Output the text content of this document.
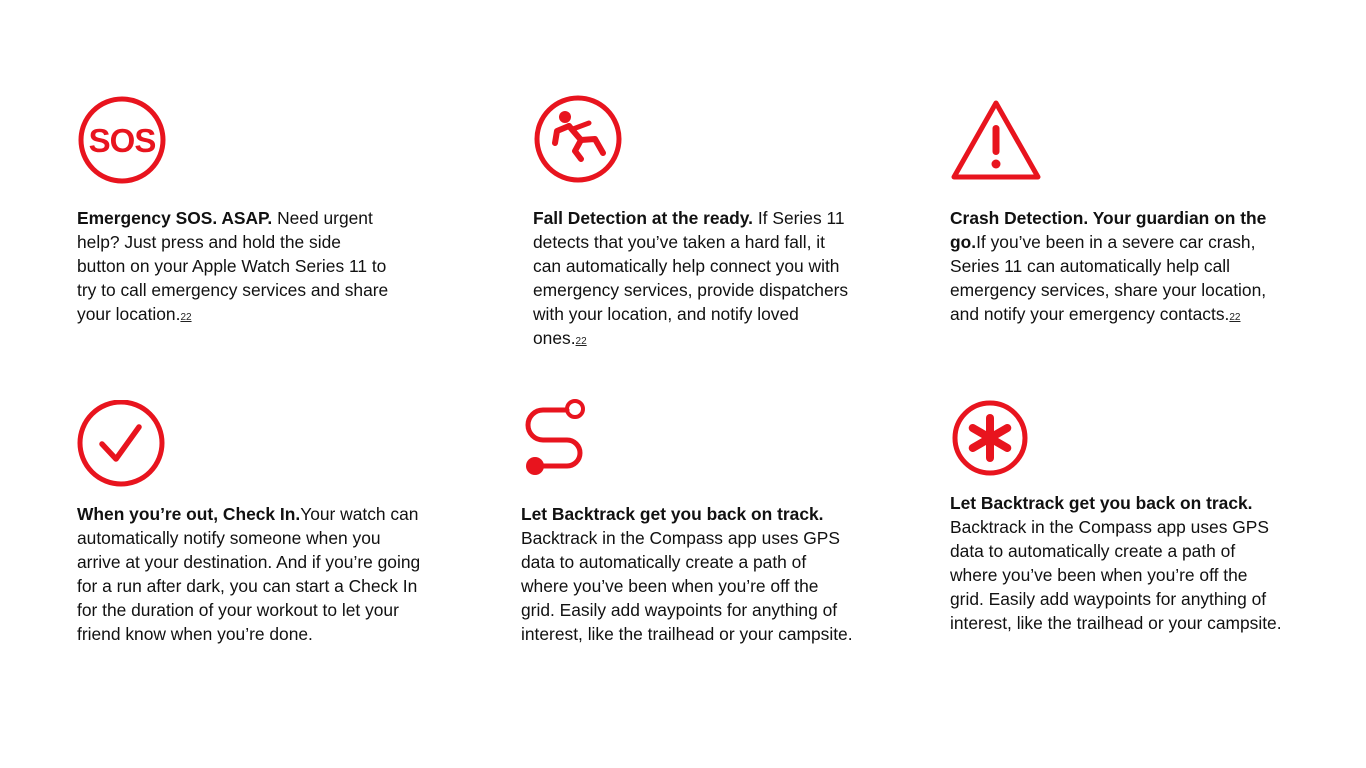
SOS

Emergency SOS. ASAP. Need urgent help? Just press and hold the side button on your Apple Watch Series 11 to try to call emergency services and share your location.22

Fall Detection at the ready. If Series 11 detects that you’ve taken a hard fall, it can automatically help connect you with emergency services, provide dispatchers with your location, and notify loved ones.22

Crash Detection. Your guardian on the go.If you’ve been in a severe car crash, Series 11 can automatically help call emergency services, share your location, and notify your emergency contacts.22

When you’re out, Check In.Your watch can automatically notify someone when you arrive at your destination. And if you’re going for a run after dark, you can start a Check In for the duration of your workout to let your friend know when you’re done.

Let Backtrack get you back on track. Backtrack in the Compass app uses GPS data to automatically create a path of where you’ve been when you’re off the grid. Easily add waypoints for anything of interest, like the trailhead or your campsite.

Let Backtrack get you back on track. Backtrack in the Compass app uses GPS data to automatically create a path of where you’ve been when you’re off the grid. Easily add waypoints for anything of interest, like the trailhead or your campsite.
